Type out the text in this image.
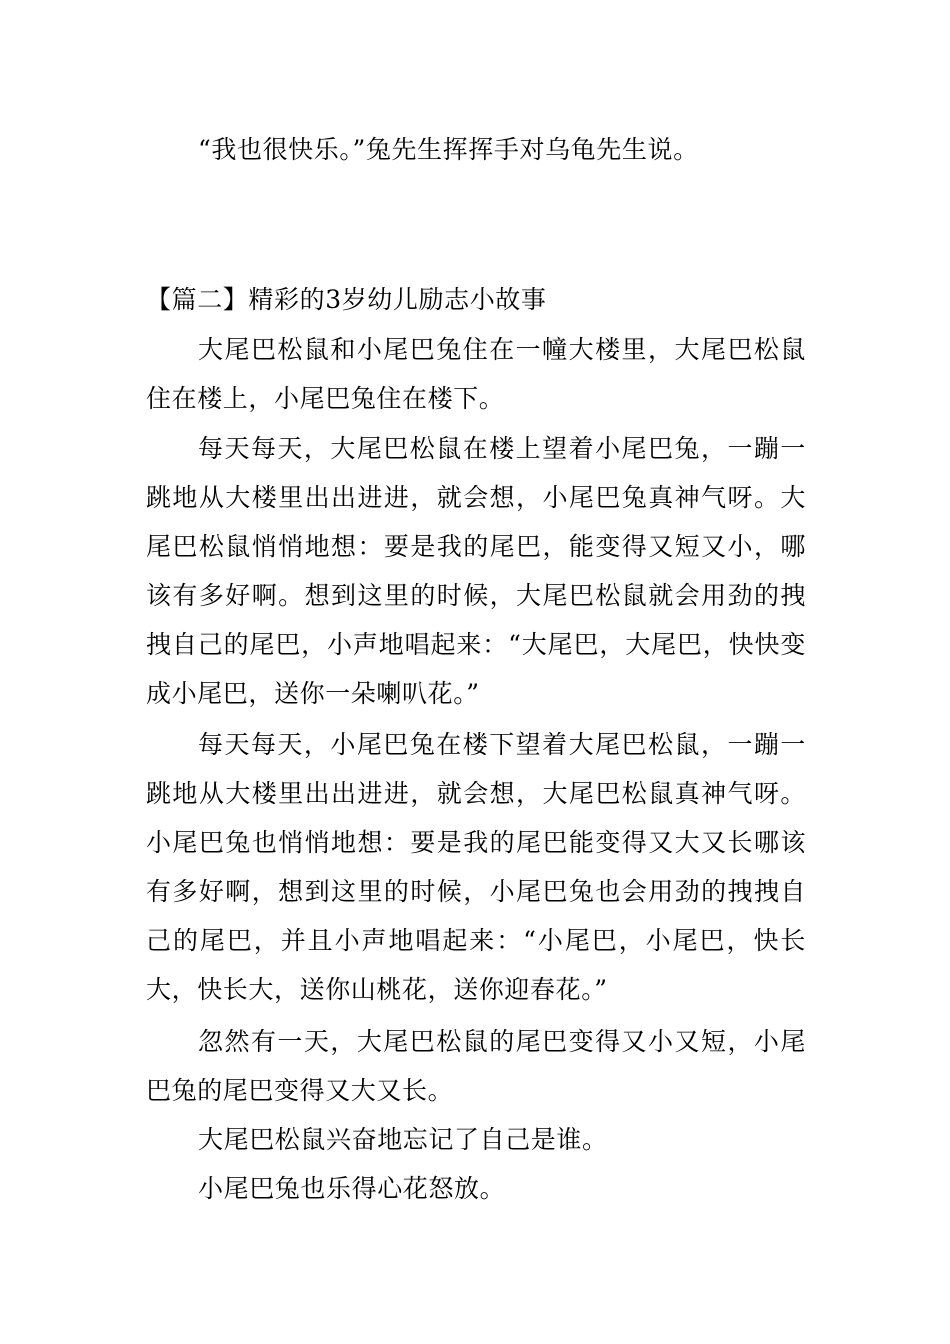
“我也很快乐。”兔先生挥挥手对乌龟先生说。

【篇二】精彩的3岁幼儿励志小故事

大尾巴松鼠和小尾巴兔住在一幢大楼里，大尾巴松鼠住在楼上，小尾巴兔住在楼下。

每天每天，大尾巴松鼠在楼上望着小尾巴兔，一蹦一跳地从大楼里出出进进，就会想，小尾巴兔真神气呀。大尾巴松鼠悄悄地想：要是我的尾巴，能变得又短又小，哪该有多好啊。想到这里的时候，大尾巴松鼠就会用劲的拽拽自己的尾巴，小声地唱起来：“大尾巴，大尾巴，快快变成小尾巴，送你一朵喇叭花。”

每天每天，小尾巴兔在楼下望着大尾巴松鼠，一蹦一跳地从大楼里出出进进，就会想，大尾巴松鼠真神气呀。小尾巴兔也悄悄地想：要是我的尾巴能变得又大又长哪该有多好啊，想到这里的时候，小尾巴兔也会用劲的拽拽自己的尾巴，并且小声地唱起来：“小尾巴，小尾巴，快长大，快长大，送你山桃花，送你迎春花。”

忽然有一天，大尾巴松鼠的尾巴变得又小又短，小尾巴兔的尾巴变得又大又长。

大尾巴松鼠兴奋地忘记了自己是谁。

小尾巴兔也乐得心花怒放。
